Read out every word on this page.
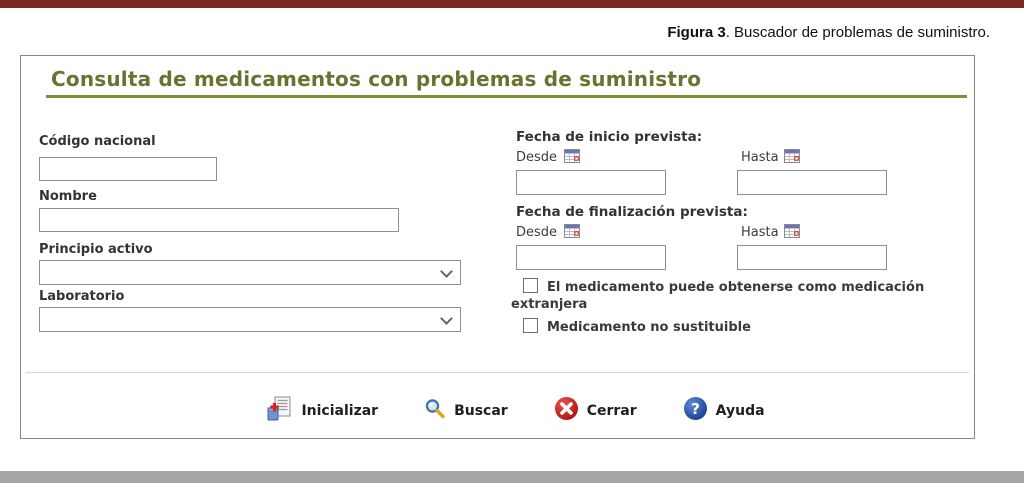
Figura 3. Buscador de problemas de suministro.
Consulta de medicamentos con problemas de suministro
Código nacional
Nombre
Principio activo
Laboratorio
Fecha de inicio prevista:
Desde	Hasta
Fecha de finalización prevista:
Desde	Hasta
El medicamento puede obtenerse como medicación extranjera
Medicamento no sustituible
Inicializar	Buscar	Cerrar	? Ayuda
